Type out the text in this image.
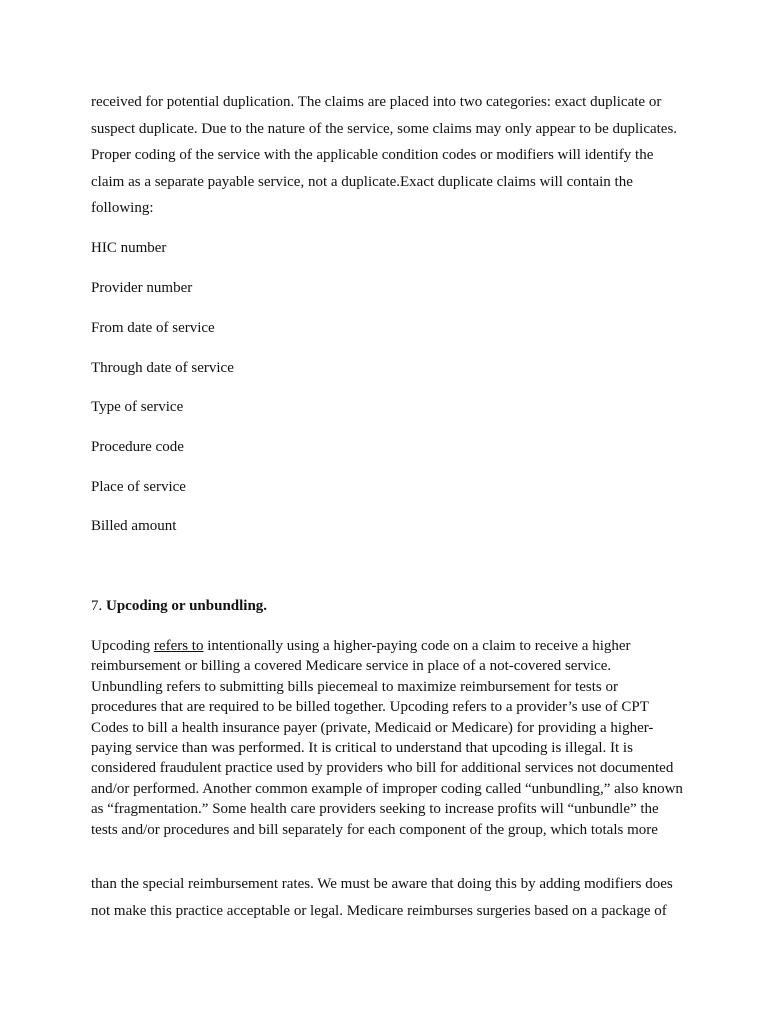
received for potential duplication. The claims are placed into two categories: exact duplicate or suspect duplicate. Due to the nature of the service, some claims may only appear to be duplicates. Proper coding of the service with the applicable condition codes or modifiers will identify the claim as a separate payable service, not a duplicate.Exact duplicate claims will contain the following:

HIC number
Provider number
From date of service
Through date of service
Type of service
Procedure code
Place of service
Billed amount
7. Upcoding or unbundling.

Upcoding refers to intentionally using a higher-paying code on a claim to receive a higher reimbursement or billing a covered Medicare service in place of a not-covered service. Unbundling refers to submitting bills piecemeal to maximize reimbursement for tests or procedures that are required to be billed together. Upcoding refers to a provider’s use of CPT Codes to bill a health insurance payer (private, Medicaid or Medicare) for providing a higher-paying service than was performed. It is critical to understand that upcoding is illegal. It is considered fraudulent practice used by providers who bill for additional services not documented and/or performed. Another common example of improper coding called “unbundling,” also known as “fragmentation.” Some health care providers seeking to increase profits will “unbundle” the tests and/or procedures and bill separately for each component of the group, which totals more

than the special reimbursement rates. We must be aware that doing this by adding modifiers does not make this practice acceptable or legal. Medicare reimburses surgeries based on a package of
